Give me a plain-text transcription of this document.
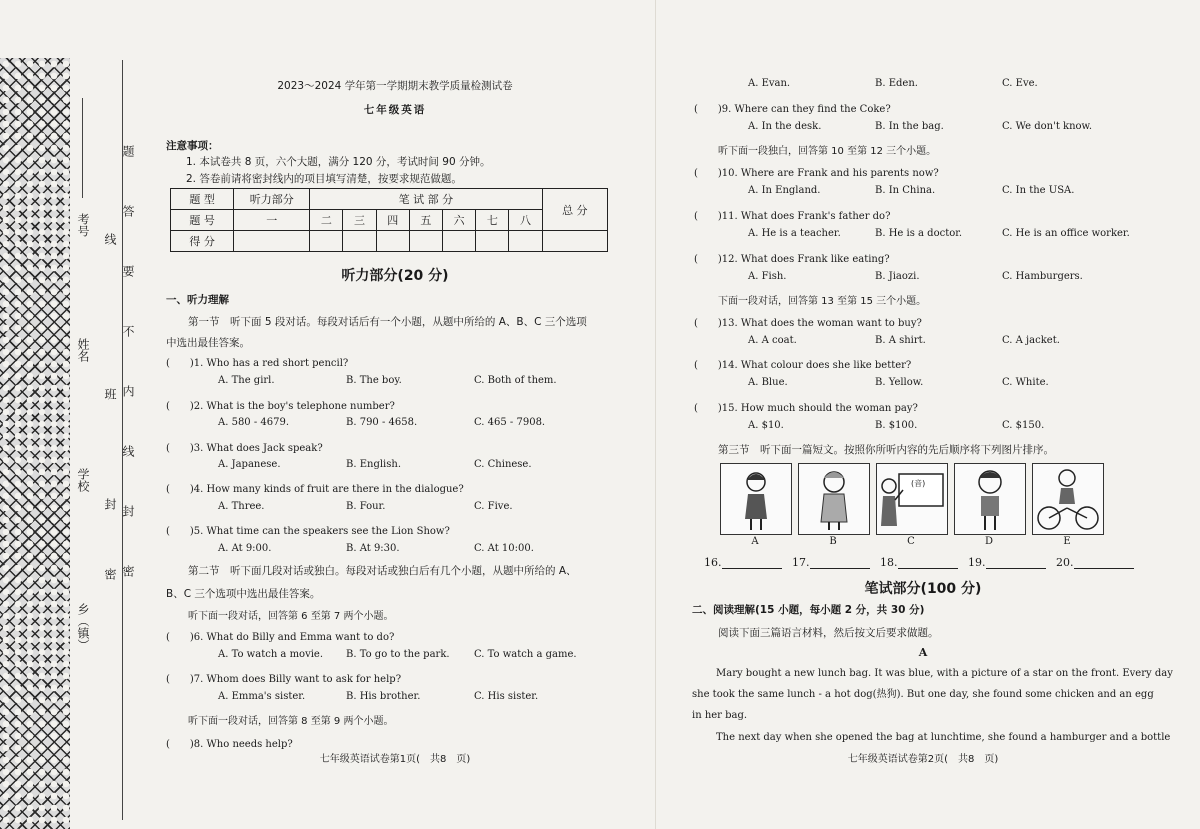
考号
姓名
学校
乡（镇）
线
班
封
密
题
答
要
不
内
线
封
密
2023～2024 学年第一学期期末教学质量检测试卷
七年级英语
注意事项：
1. 本试卷共 8 页，六个大题，满分 120 分，考试时间 90 分钟。
2. 答卷前请将密封线内的项目填写清楚，按要求规范做题。
题 型	听力部分	笔 试 部 分							总 分
题 号	一	二	三	四	五	六	七	八	
得 分									
听力部分(20 分)
一、听力理解
第一节　听下面 5 段对话。每段对话后有一个小题，从题中所给的 A、B、C 三个选项
中选出最佳答案。
(　　)1. Who has a red short pencil?
A. The girl.	B. The boy.	C. Both of them.
(　　)2. What is the boy's telephone number?
A. 580 - 4679.	B. 790 - 4658.	C. 465 - 7908.
(　　)3. What does Jack speak?
A. Japanese.	B. English.	C. Chinese.
(　　)4. How many kinds of fruit are there in the dialogue?
A. Three.	B. Four.	C. Five.
(　　)5. What time can the speakers see the Lion Show?
A. At 9:00.	B. At 9:30.	C. At 10:00.
第二节　听下面几段对话或独白。每段对话或独白后有几个小题，从题中所给的 A、
B、C 三个选项中选出最佳答案。
听下面一段对话，回答第 6 至第 7 两个小题。
(　　)6. What do Billy and Emma want to do?
A. To watch a movie. B. To go to the park. C. To watch a game.
(　　)7. Whom does Billy want to ask for help?
A. Emma's sister.	B. His brother.	C. His sister.
听下面一段对话，回答第 8 至第 9 两个小题。
(　　)8. Who needs help?
七年级英语试卷第1页(　共8　页)
A. Evan.	B. Eden.	C. Eve.
(　　)9. Where can they find the Coke?
A. In the desk.	B. In the bag.	C. We don't know.
听下面一段独白，回答第 10 至第 12 三个小题。
(　　)10. Where are Frank and his parents now?
A. In England.	B. In China.	C. In the USA.
(　　)11. What does Frank's father do?
A. He is a teacher.	B. He is a doctor.	C. He is an office worker.
(　　)12. What does Frank like eating?
A. Fish.	B. Jiaozi.	C. Hamburgers.
下面一段对话，回答第 13 至第 15 三个小题。
(　　)13. What does the woman want to buy?
A. A coat.	B. A shirt.	C. A jacket.
(　　)14. What colour does she like better?
A. Blue.	B. Yellow.	C. White.
(　　)15. How much should the woman pay?
A. $10.	B. $100.	C. $150.
第三节　听下面一篇短文。按照你所听内容的先后顺序将下列图片排序。
(音)
A	B	C	D	E
16.	17.	18.	19.	20.
笔试部分(100 分)
二、阅读理解(15 小题，每小题 2 分，共 30 分)
阅读下面三篇语言材料，然后按文后要求做题。
A
Mary bought a new lunch bag. It was blue, with a picture of a star on the front. Every day
she took the same lunch - a hot dog(热狗). But one day, she found some chicken and an egg
in her bag.
The next day when she opened the bag at lunchtime, she found a hamburger and a bottle
七年级英语试卷第2页(　共8　页)
